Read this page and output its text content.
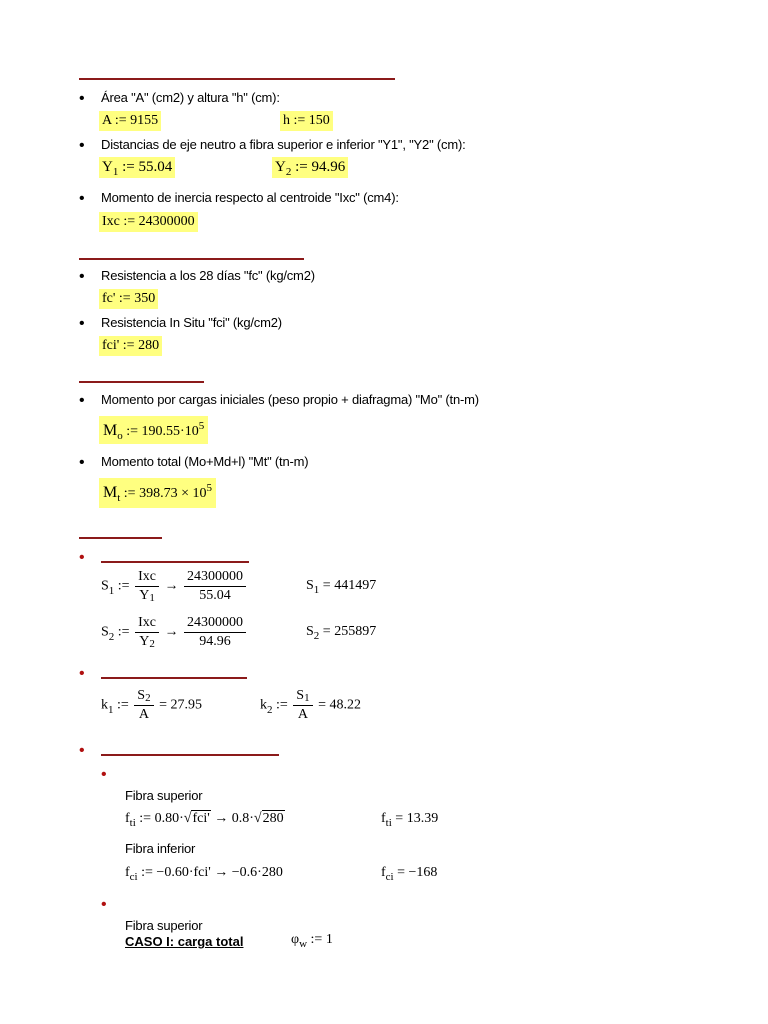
• Área "A" (cm2) y altura "h" (cm):
A := 9155	h := 150
• Distancias de eje neutro a fibra superior e inferior "Y1", "Y2" (cm):
$Y_1$ := 55.04	$Y_2$ := 94.96
• Momento de inercia respecto al centroide "Ixc" (cm4):
Ixc := 24300000
• Resistencia a los 28 días "fc" (kg/cm2)
fc' := 350
• Resistencia In Situ "fci" (kg/cm2)
fci' := 280
• Momento por cargas iniciales (peso propio + diafragma) "Mo" (tn-m)
$M_o$ := $190.55\cdot 10^5$
• Momento total (Mo+Md+l) "Mt" (tn-m)
$M_t$ := $398.73 \times 10^5$
•
$S_1$ := $\frac{\text{Ixc}}{Y1} \to \frac{24300000}{55.04}$	$S_1 = 441497$
$S_2$ := $\frac{\text{Ixc}}{Y2} \to \frac{24300000}{94.96}$	$S_2 = 255897$
•
$k_1$ := $\frac{S2}{A} = 27.95$	$k_2$ := $\frac{S1}{A} = 48.22$
•
•
Fibra superior
$f_{ti}$ := 0.80·√fci' → 0.8·√280	$f_{ti} = 13.39$
Fibra inferior
$f_{ci}$ := −0.60·fci' → −0.6·280	$f_{ci} = -168$
•
Fibra superior
CASO I: carga total	$\varphi_w$ := 1
